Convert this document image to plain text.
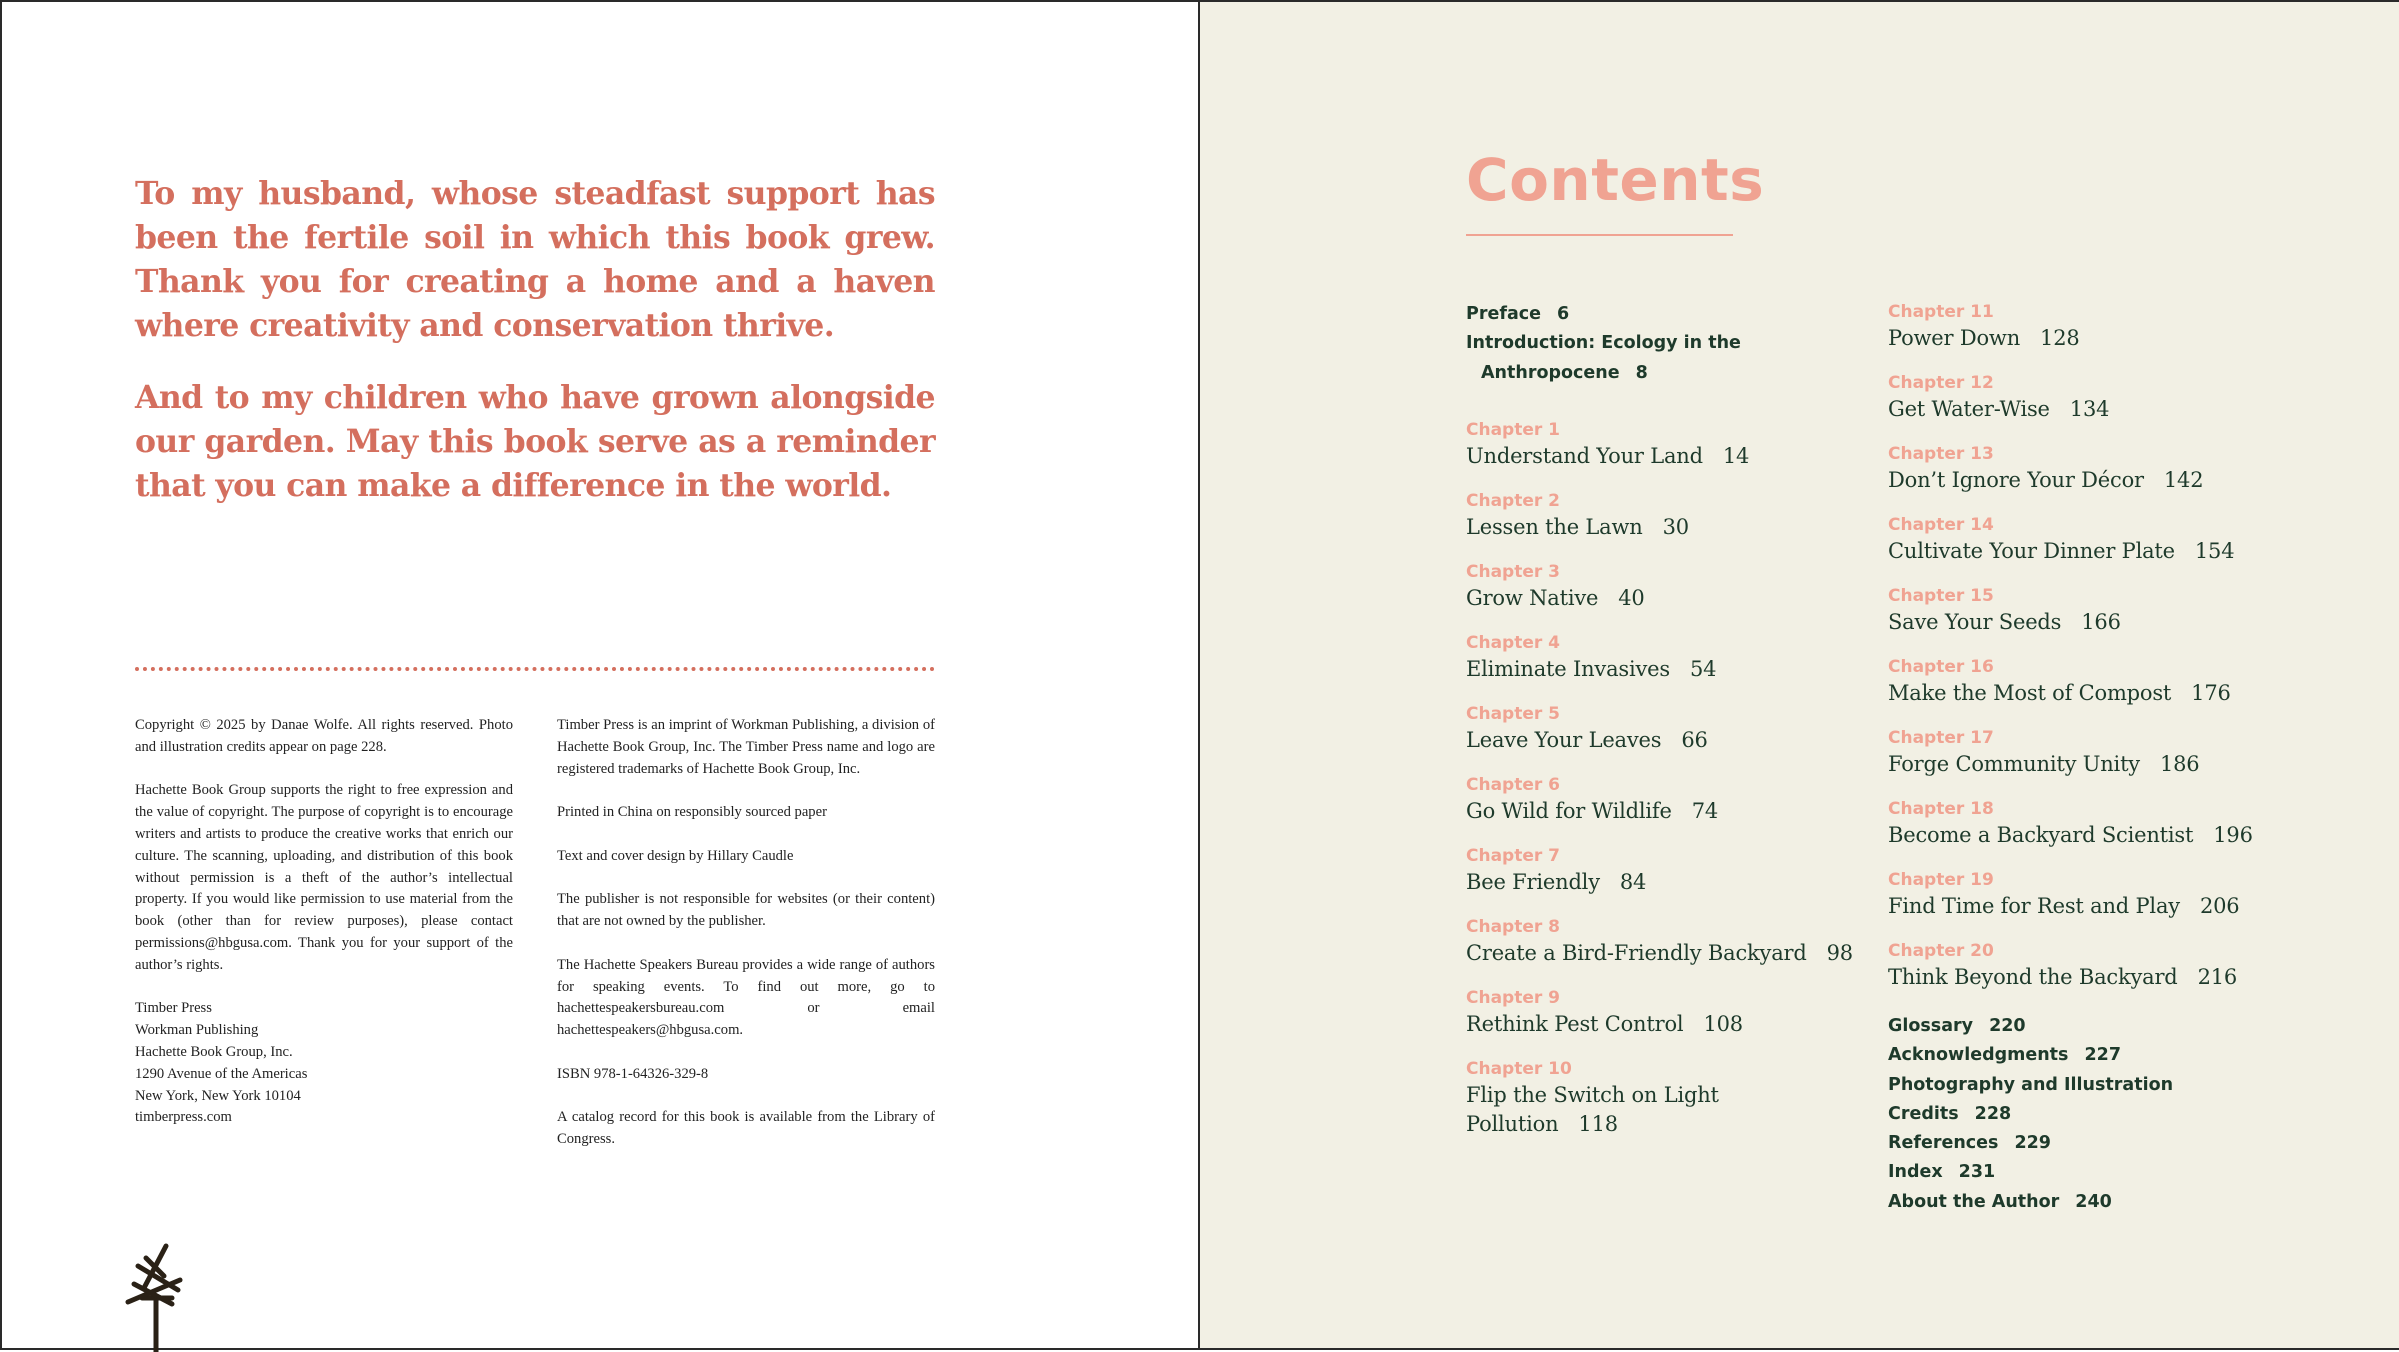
To my husband, whose steadfast support has been the fertile soil in which this book grew. Thank you for creating a home and a haven where creativity and conservation thrive.

And to my children who have grown alongside our garden. May this book serve as a reminder that you can make a difference in the world.

Copyright © 2025 by Danae Wolfe. All rights reserved. Photo and illustration credits appear on page 228.

Hachette Book Group supports the right to free expression and the value of copyright. The purpose of copyright is to encourage writers and artists to produce the creative works that enrich our culture. The scanning, uploading, and distribution of this book without permission is a theft of the author’s intellectual property. If you would like permission to use material from the book (other than for review purposes), please contact permissions@hbgusa.com. Thank you for your support of the author’s rights.

Timber Press
Workman Publishing
Hachette Book Group, Inc.
1290 Avenue of the Americas
New York, New York 10104
timberpress.com

Timber Press is an imprint of Workman Publishing, a division of Hachette Book Group, Inc. The Timber Press name and logo are registered trademarks of Hachette Book Group, Inc.

Printed in China on responsibly sourced paper

Text and cover design by Hillary Caudle

The publisher is not responsible for websites (or their content) that are not owned by the publisher.

The Hachette Speakers Bureau provides a wide range of authors for speaking events. To find out more, go to hachettespeakersbureau.com or email hachettespeakers@hbgusa.com.

ISBN 978-1-64326-329-8

A catalog record for this book is available from the Library of Congress.

Contents
Preface 6
Introduction: Ecology in the
Anthropocene 8
Chapter 1
Understand Your Land 14
Chapter 2
Lessen the Lawn 30
Chapter 3
Grow Native 40
Chapter 4
Eliminate Invasives 54
Chapter 5
Leave Your Leaves 66
Chapter 6
Go Wild for Wildlife 74
Chapter 7
Bee Friendly 84
Chapter 8
Create a Bird-Friendly Backyard 98
Chapter 9
Rethink Pest Control 108
Chapter 10
Flip the Switch on Light
Pollution 118
Chapter 11
Power Down 128
Chapter 12
Get Water-Wise 134
Chapter 13
Don’t Ignore Your Décor 142
Chapter 14
Cultivate Your Dinner Plate 154
Chapter 15
Save Your Seeds 166
Chapter 16
Make the Most of Compost 176
Chapter 17
Forge Community Unity 186
Chapter 18
Become a Backyard Scientist 196
Chapter 19
Find Time for Rest and Play 206
Chapter 20
Think Beyond the Backyard 216
Glossary 220
Acknowledgments 227
Photography and Illustration Credits 228
References 229
Index 231
About the Author 240
